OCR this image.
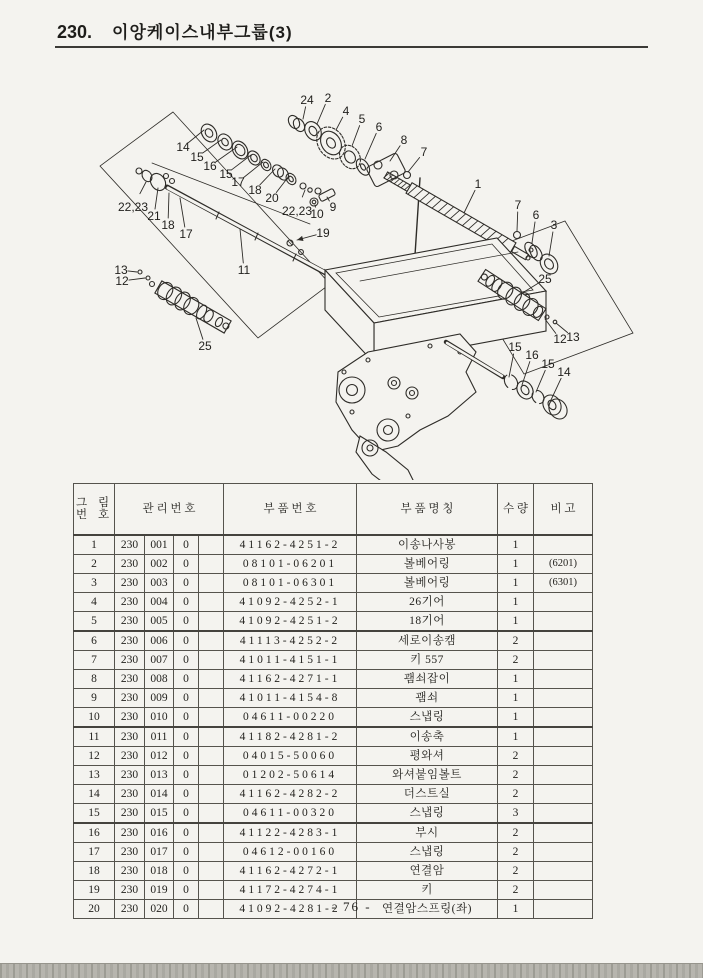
230. 이앙케이스내부그룹(3)
24 2
4
5
6
8
7
1
7
6
3
14
15
16
15
17
18
20
22,23
22,23
21
18
17
11
9
10
19
13
12
25
25
12 13
15
16
15
14
그 림
번 호	관 리 번 호				부 품 번 호	부 품 명 칭	수 량	비 고
1	230	001	0		41162-4251-2	이송나사봉	1	
2	230	002	0		08101-06201	볼베어링	1	(6201)
3	230	003	0		08101-06301	볼베어링	1	(6301)
4	230	004	0		41092-4252-1	26기어	1	
5	230	005	0		41092-4251-2	18기어	1	
6	230	006	0		41113-4252-2	세로이송캠	2	
7	230	007	0		41011-4151-1	키 557	2	
8	230	008	0		41162-4271-1	괨쇠잡이	1	
9	230	009	0		41011-4154-8	괨쇠	1	
10	230	010	0		04611-00220	스냅링	1	
11	230	011	0		41182-4281-2	이송축	1	
12	230	012	0		04015-50060	평와셔	2	
13	230	013	0		01202-50614	와셔붙임볼트	2	
14	230	014	0		41162-4282-2	더스트실	2	
15	230	015	0		04611-00320	스냅링	3	
16	230	016	0		41122-4283-1	부시	2	
17	230	017	0		04612-00160	스냅링	2	
18	230	018	0		41162-4272-1	연결암	2	
19	230	019	0		41172-4274-1	키	2	
20	230	020	0		41092-4281-2	연결암스프링(좌)	1	
- 76 -
